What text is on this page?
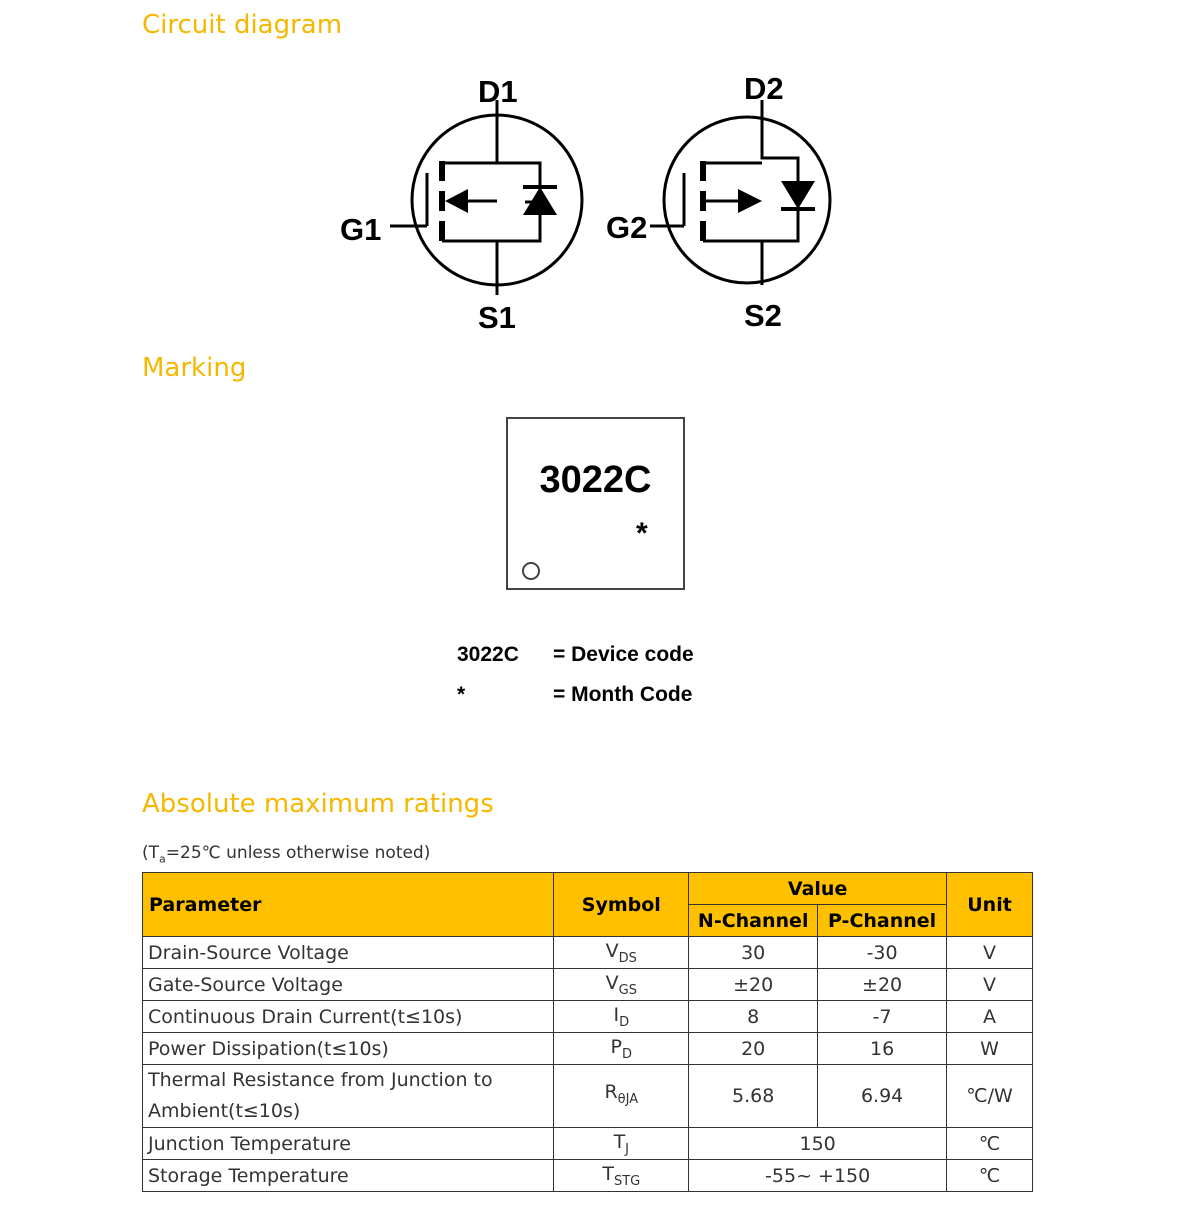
Circuit diagram
D1
G1
S1
D2
G2
S2
Marking
3022C
*
3022C = Device code
*	= Month Code
Absolute maximum ratings
($T_a=25℃$ unless otherwise noted)
Parameter	Symbol	Value		Unit
		N-Channel	P-Channel	
Drain-Source Voltage	$V_{DS}$	30	-30	V
Gate-Source Voltage	$V_{GS}$	±20	±20	V
Continuous Drain Current(t≤10s)	$I_D$	8	-7	A
Power Dissipation(t≤10s)	$P_D$	20	16	W
Thermal Resistance from Junction to Ambient(t≤10s)	$R_{\theta JA}$	5.68	6.94	℃/W
Junction Temperature	$T_J$	150		℃
Storage Temperature	$T_{STG}$	-55~ +150		℃
